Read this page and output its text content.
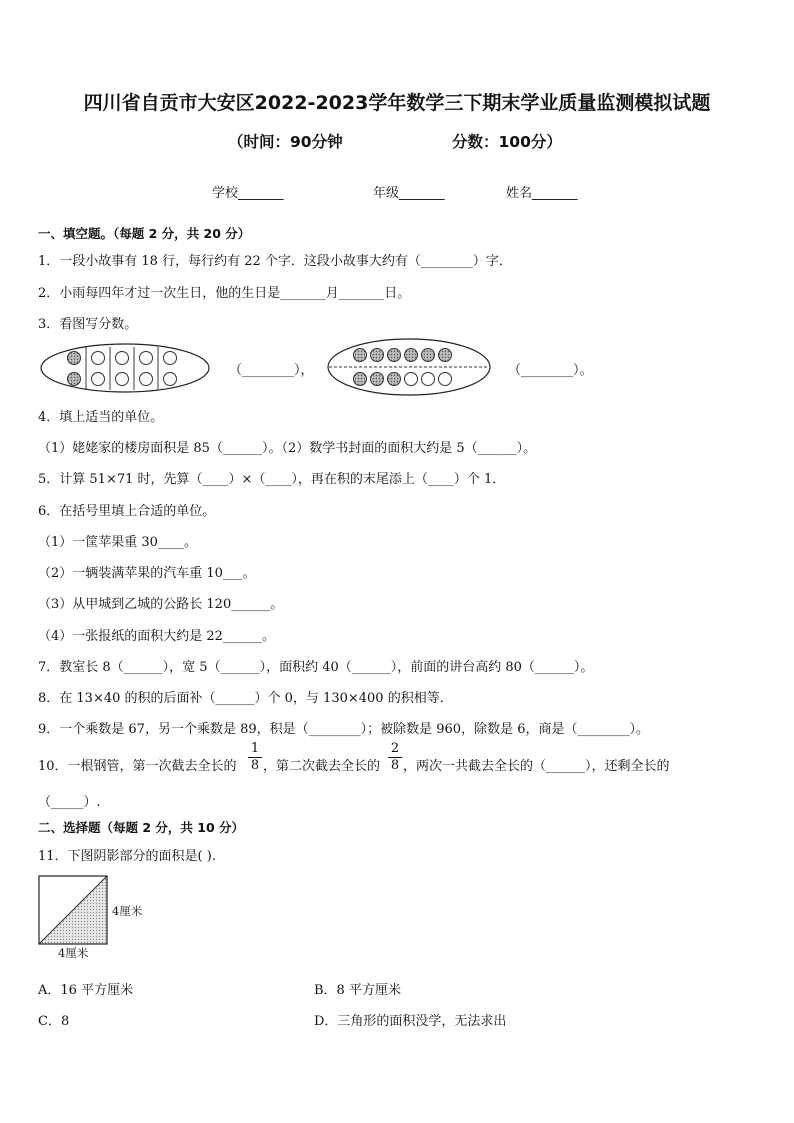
四川省自贡市大安区2022-2023学年数学三下期末学业质量监测模拟试题
（时间：90分钟	分数：100分）
学校_______	年级_______	姓名_______
一、填空题。（每题 2 分，共 20 分）
1．一段小故事有 18 行，每行约有 22 个字．这段小故事大约有（________）字．
2．小雨每四年才过一次生日，他的生日是_______月_______日。
3．看图写分数。
（________），	（________）。
4．填上适当的单位。
（1）姥姥家的楼房面积是 85（______）。（2）数学书封面的面积大约是 5（______）。
5．计算 51×71 时，先算（____）×（____），再在积的末尾添上（____）个 1．
6．在括号里填上合适的单位。
（1）一筐苹果重 30____。
（2）一辆装满苹果的汽车重 10___。
（3）从甲城到乙城的公路长 120______。
（4）一张报纸的面积大约是 22______。
7．教室长 8（______），宽 5（______），面积约 40（______），前面的讲台高约 80（______）。
8．在 13×40 的积的后面补（______）个 0，与 130×400 的积相等．
9．一个乘数是 67，另一个乘数是 89，积是（________）；被除数是 960，除数是 6，商是（________）。
10．一根钢管，第一次截去全长的
1
8 ，第二次截去全长的
2
8 ，两次一共截去全长的（______），还剩全长的
（_____）.
二、选择题（每题 2 分，共 10 分）
11．下图阴影部分的面积是( ).
4厘米
4厘米
A．16 平方厘米	B．8 平方厘米
C．8	D．三角形的面积没学，无法求出
